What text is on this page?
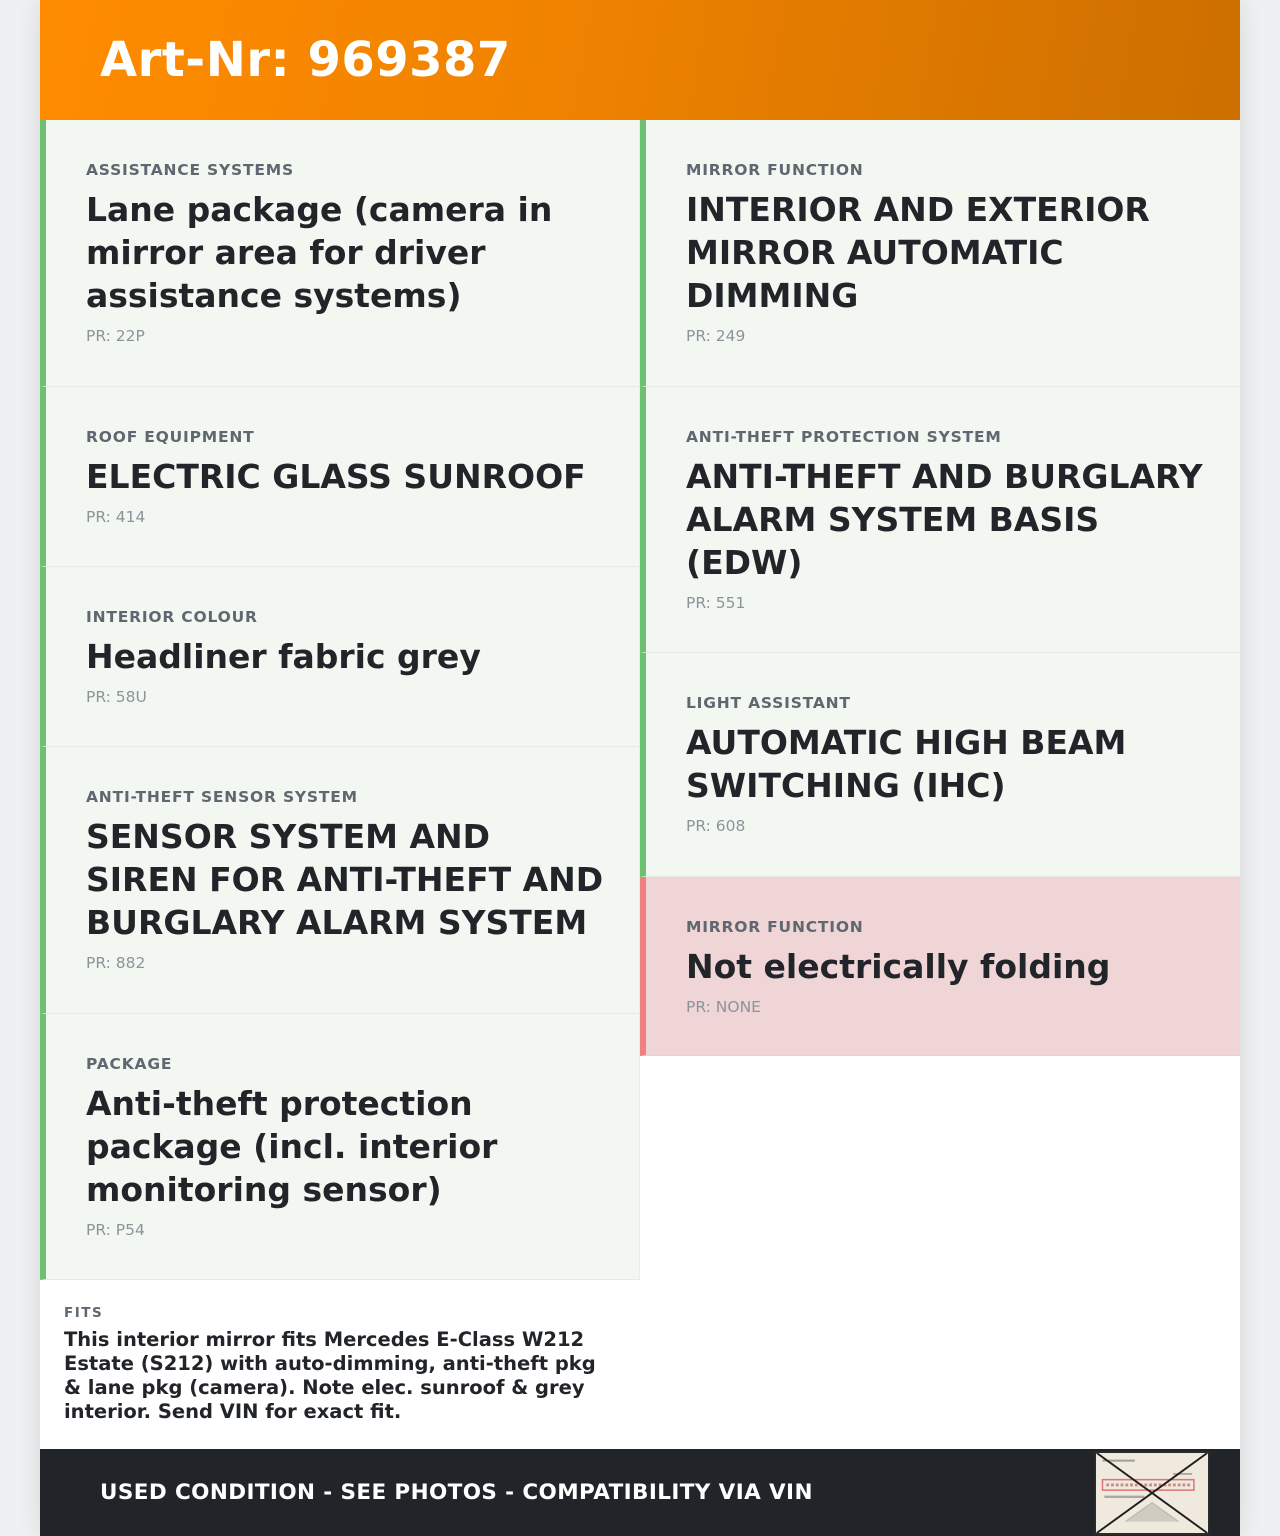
Art-Nr: 969387
ASSISTANCE SYSTEMS
Lane package (camera in mirror area for driver assistance systems)
PR: 22P
ROOF EQUIPMENT
ELECTRIC GLASS SUNROOF
PR: 414
INTERIOR COLOUR
Headliner fabric grey
PR: 58U
ANTI-THEFT SENSOR SYSTEM
SENSOR SYSTEM AND SIREN FOR ANTI-THEFT AND BURGLARY ALARM SYSTEM
PR: 882
PACKAGE
Anti-theft protection package (incl. interior monitoring sensor)
PR: P54
MIRROR FUNCTION
INTERIOR AND EXTERIOR MIRROR AUTOMATIC DIMMING
PR: 249
ANTI-THEFT PROTECTION SYSTEM
ANTI-THEFT AND BURGLARY ALARM SYSTEM BASIS (EDW)
PR: 551
LIGHT ASSISTANT
AUTOMATIC HIGH BEAM SWITCHING (IHC)
PR: 608
MIRROR FUNCTION
Not electrically folding
PR: NONE
FITS
This interior mirror fits Mercedes E-Class W212 Estate (S212) with auto-dimming, anti-theft pkg & lane pkg (camera). Note elec. sunroof & grey interior. Send VIN for exact fit.
USED CONDITION - SEE PHOTOS - COMPATIBILITY VIA VIN
